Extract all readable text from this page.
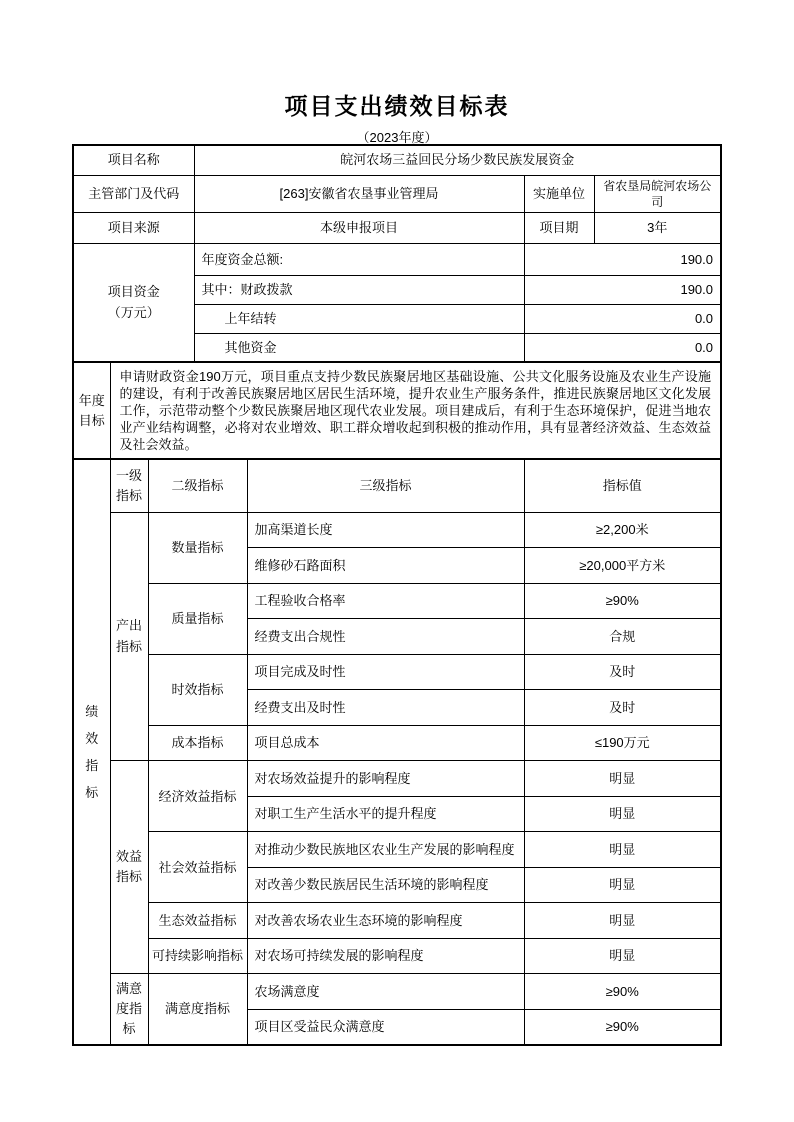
项目支出绩效目标表
（2023年度）
项目名称	皖河农场三益回民分场少数民族发展资金		
主管部门及代码	[263]安徽省农垦事业管理局	实施单位	省农垦局皖河农场公司
项目来源	本级申报项目	项目期	3年
项目资金（万元）	年度资金总额:	190.0	
	其中：财政拨款	190.0	
	上年结转	0.0	
	其他资金	0.0	
年度目标	申请财政资金190万元，项目重点支持少数民族聚居地区基础设施、公共文化服务设施及农业生产设施的建设，有利于改善民族聚居地区居民生活环境，提升农业生产服务条件，推进民族聚居地区文化发展工作，示范带动整个少数民族聚居地区现代农业发展。项目建成后，有利于生态环境保护，促进当地农业产业结构调整，必将对农业增效、职工群众增收起到积极的推动作用，具有显著经济效益、生态效益及社会效益。
绩效指标	一级指标	二级指标	三级指标	指标值
	产出指标	数量指标	加高渠道长度	≥2,200米
			维修砂石路面积	≥20,000平方米
		质量指标	工程验收合格率	≥90%
			经费支出合规性	合规
		时效指标	项目完成及时性	及时
			经费支出及时性	及时
		成本指标	项目总成本	≤190万元
	效益指标	经济效益指标	对农场效益提升的影响程度	明显
			对职工生产生活水平的提升程度	明显
		社会效益指标	对推动少数民族地区农业生产发展的影响程度	明显
			对改善少数民族居民生活环境的影响程度	明显
		生态效益指标	对改善农场农业生态环境的影响程度	明显
		可持续影响指标	对农场可持续发展的影响程度	明显
	满意度指标	满意度指标	农场满意度	≥90%
			项目区受益民众满意度	≥90%
